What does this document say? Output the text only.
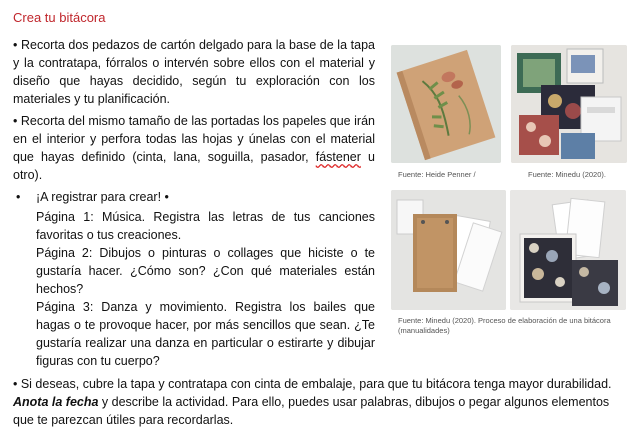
Crea tu bitácora

• Recorta dos pedazos de cartón delgado para la base de la tapa y la contratapa, fórralos o intervén sobre ellos con el material y diseño que hayas decidido, según tu exploración con los materiales y tu planificación.

• Recorta del mismo tamaño de las portadas los papeles que irán en el interior y perfora todas las hojas y únelas con el material que hayas definido (cinta, lana, soguilla, pasador, fástener u otro).

• ¡A registrar para crear! •

Página 1: Música. Registra las letras de tus canciones favoritas o tus creaciones.

Página 2: Dibujos o pinturas o collages que hiciste o te gustaría hacer. ¿Cómo son? ¿Con qué materiales están hechos?

Página 3: Danza y movimiento. Registra los bailes que hagas o te provoque hacer, por más sencillos que sean. ¿Te gustaría realizar una danza en particular o estirarte y dibujar figuras con tu cuerpo?

• Si deseas, cubre la tapa y contratapa con cinta de embalaje, para que tu bitácora tenga mayor durabilidad. Anota la fecha y describe la actividad. Para ello, puedes usar palabras, dibujos o pegar algunos elementos que te parezcan útiles para recordarlas.

Fuente: Heide Penner /	Fuente: Minedu (2020).
Fuente: Minedu (2020). Proceso de elaboración de una bitácora (manualidades)
